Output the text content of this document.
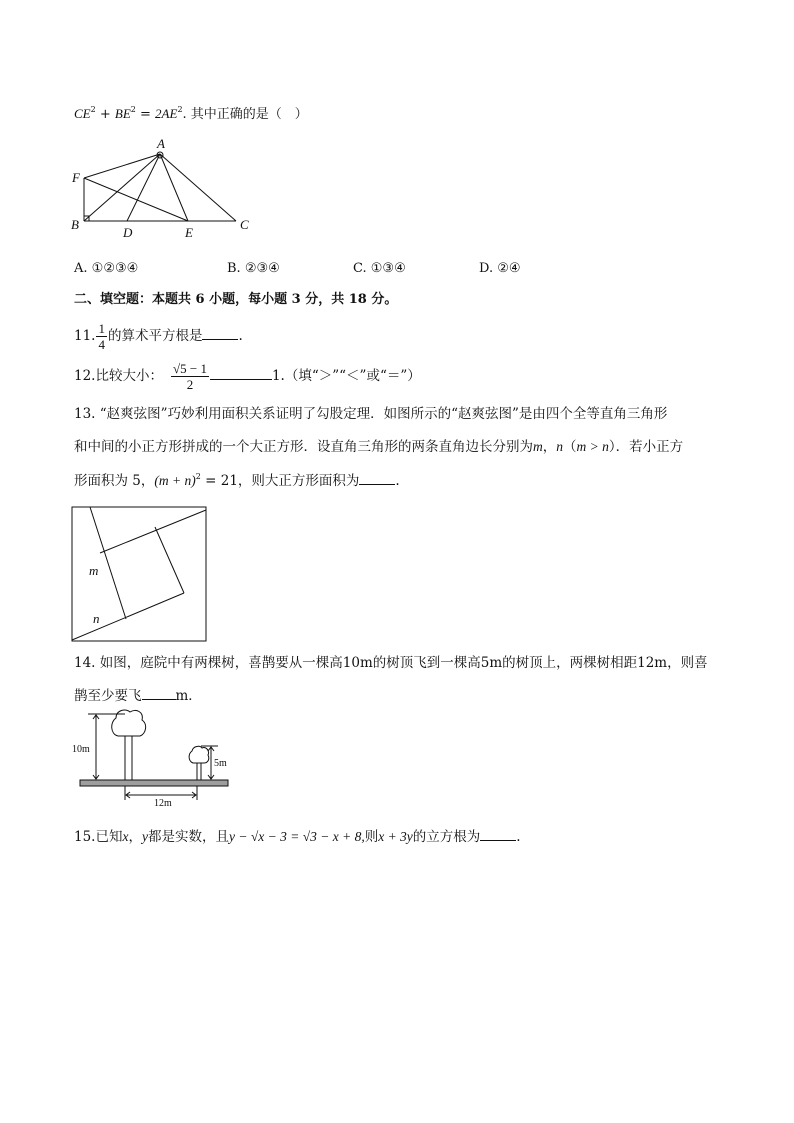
$CE^2 + BE^2 = 2AE^2$. 其中正确的是（　）
A
F
B
D	E
C
A. ①②③④	B. ②③④	C. ①③④	D. ②④
二、填空题：本题共 6 小题，每小题 3 分，共 18 分。
11. $\frac{1}{4}$ 的算术平方根是	.
12.比较大小： $\frac{√5 - 1}{2}$	1.（填“＞”“＜”或“＝”）
13. “赵爽弦图”巧妙利用面积关系证明了勾股定理．如图所示的“赵爽弦图”是由四个全等直角三角形
和中间的小正方形拼成的一个大正方形．设直角三角形的两条直角边长分别为m，n（m > n）．若小正方
形面积为 5，$(m + n)^2 = 21$，则大正方形面积为	.
m
n
14. 如图，庭院中有两棵树，喜鹊要从一棵高10m的树顶飞到一棵高5m的树顶上，两棵树相距12m，则喜
鹊至少要飞	m．
10m
5m
12m
15.已知x，y都是实数，且y − √x − 3 = √3 − x + 8,则x + 3y的立方根为	.
